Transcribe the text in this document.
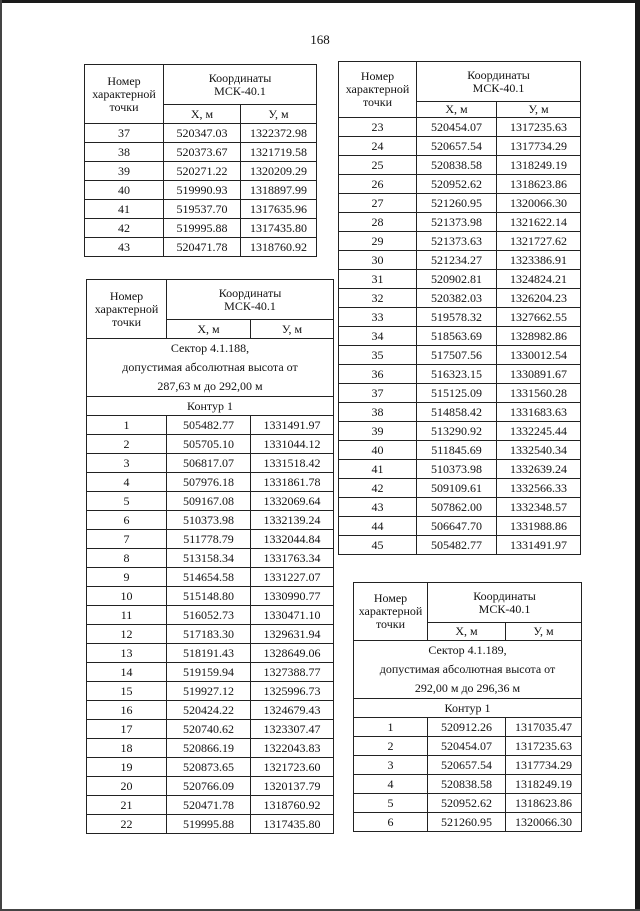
168
Номер
характерной
точки	Координаты
МСК-40.1	

	Х, м	У, м
37	520347.03	1322372.98
38	520373.67	1321719.58
39	520271.22	1320209.29
40	519990.93	1318897.99
41	519537.70	1317635.96
42	519995.88	1317435.80
43	520471.78	1318760.92
Номер
характерной
точки	Координаты
МСК-40.1	

	Х, м	У, м

Сектор 4.1.188,
допустимая абсолютная высота от
287,63 м до 292,00 м		

Контур 1		
1	505482.77	1331491.97
2	505705.10	1331044.12
3	506817.07	1331518.42
4	507976.18	1331861.78
5	509167.08	1332069.64
6	510373.98	1332139.24
7	511778.79	1332044.84
8	513158.34	1331763.34
9	514654.58	1331227.07
10	515148.80	1330990.77
11	516052.73	1330471.10
12	517183.30	1329631.94
13	518191.43	1328649.06
14	519159.94	1327388.77
15	519927.12	1325996.73
16	520424.22	1324679.43
17	520740.62	1323307.47
18	520866.19	1322043.83
19	520873.65	1321723.60
20	520766.09	1320137.79
21	520471.78	1318760.92
22	519995.88	1317435.80
Номер
характерной
точки	Координаты
МСК-40.1	

	Х, м	У, м
23	520454.07	1317235.63
24	520657.54	1317734.29
25	520838.58	1318249.19
26	520952.62	1318623.86
27	521260.95	1320066.30
28	521373.98	1321622.14
29	521373.63	1321727.62
30	521234.27	1323386.91
31	520902.81	1324824.21
32	520382.03	1326204.23
33	519578.32	1327662.55
34	518563.69	1328982.86
35	517507.56	1330012.54
36	516323.15	1330891.67
37	515125.09	1331560.28
38	514858.42	1331683.63
39	513290.92	1332245.44
40	511845.69	1332540.34
41	510373.98	1332639.24
42	509109.61	1332566.33
43	507862.00	1332348.57
44	506647.70	1331988.86
45	505482.77	1331491.97
Номер
характерной
точки	Координаты
МСК-40.1	

	Х, м	У, м

Сектор 4.1.189,
допустимая абсолютная высота от
292,00 м до 296,36 м		

Контур 1		
1	520912.26	1317035.47
2	520454.07	1317235.63
3	520657.54	1317734.29
4	520838.58	1318249.19
5	520952.62	1318623.86
6	521260.95	1320066.30
